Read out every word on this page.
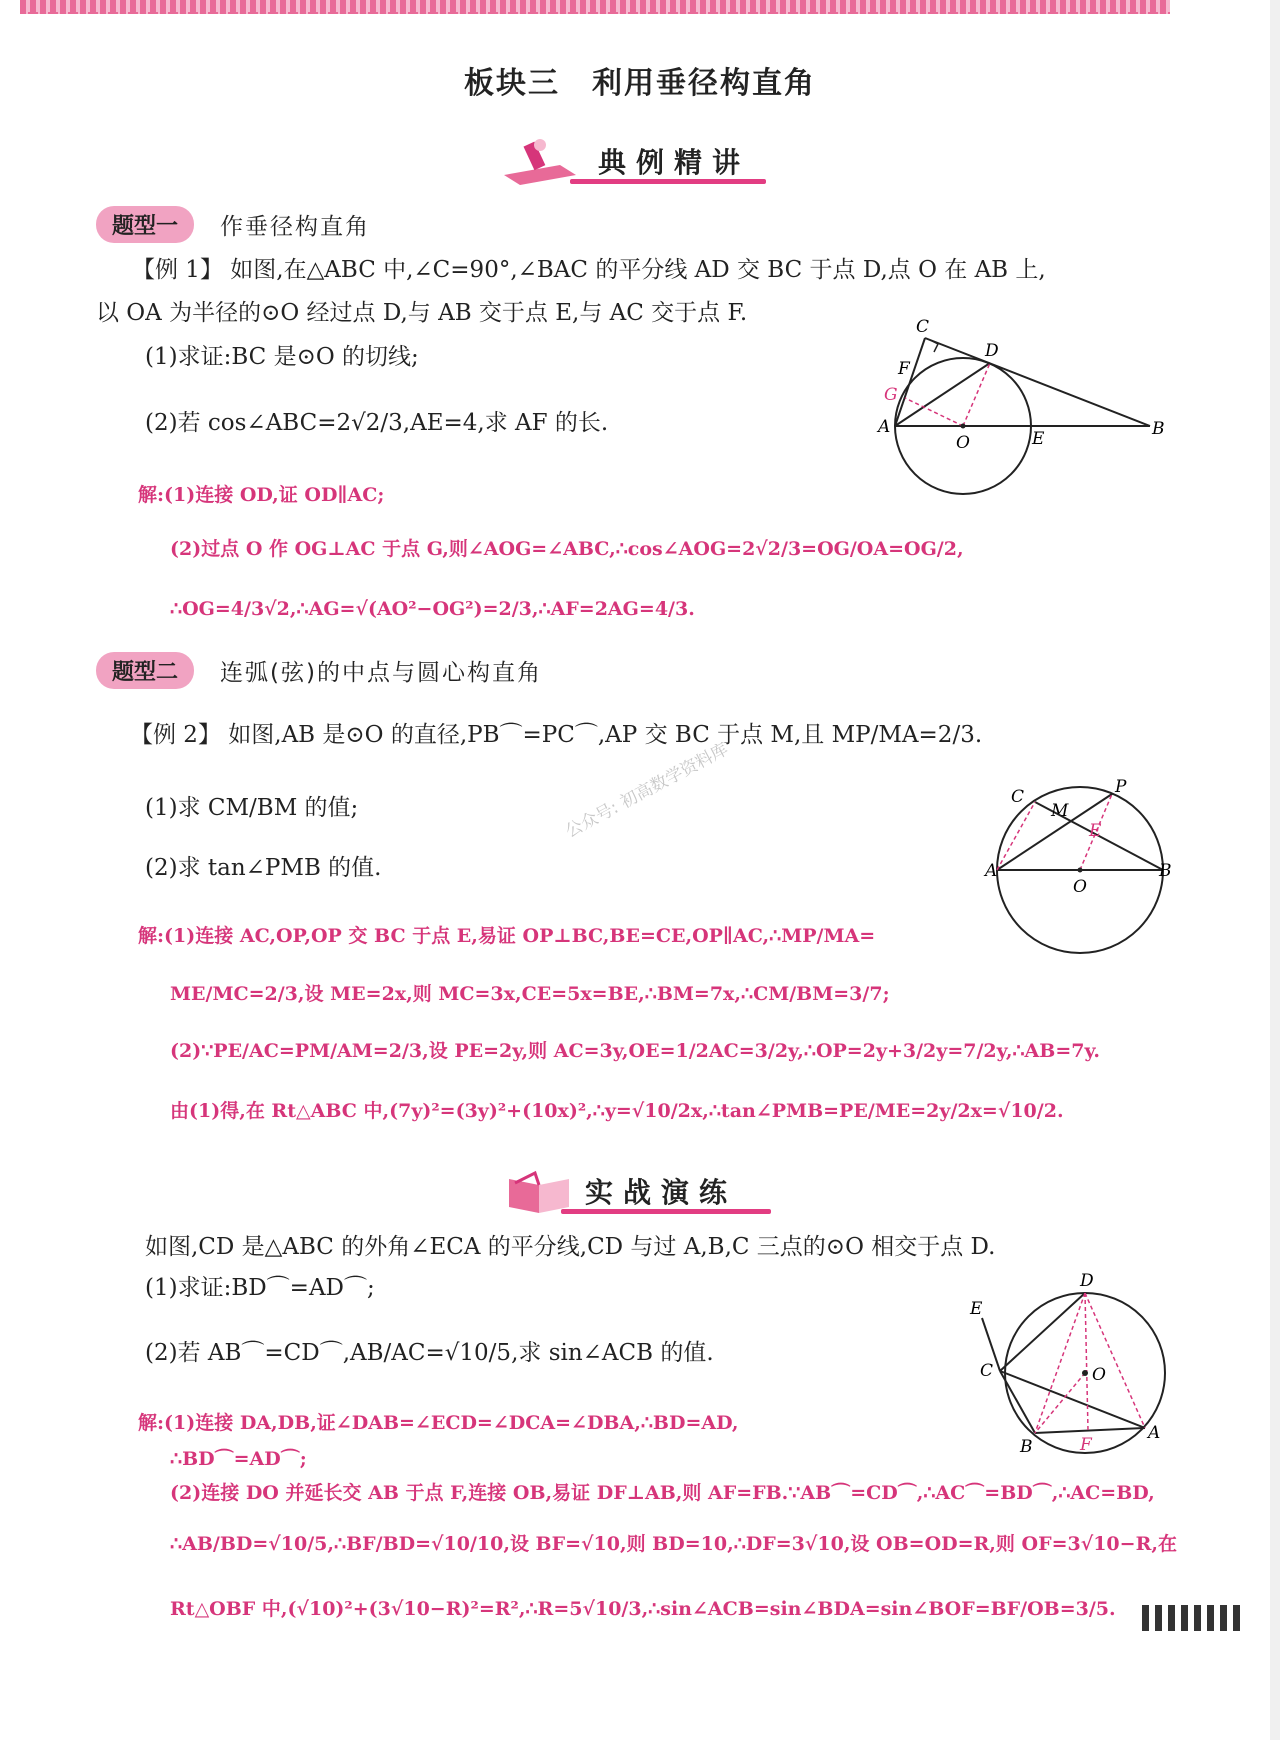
板块三　利用垂径构直角
典例精讲
题型一	作垂径构直角
【例 1】 如图,在△ABC 中,∠C=90°,∠BAC 的平分线 AD 交 BC 于点 D,点 O 在 AB 上,
以 OA 为半径的⊙O 经过点 D,与 AB 交于点 E,与 AC 交于点 F.
(1)求证:BC 是⊙O 的切线;
(2)若 cos∠ABC=2√2/3,AE=4,求 AF 的长.
解:(1)连接 OD,证 OD∥AC;
(2)过点 O 作 OG⊥AC 于点 G,则∠AOG=∠ABC,∴cos∠AOG=2√2/3=OG/OA=OG/2,
∴OG=4/3√2,∴AG=√(AO²−OG²)=2/3,∴AF=2AG=4/3.
C
D
F
G
A
O	E	B
题型二	连弧(弦)的中点与圆心构直角
【例 2】 如图,AB 是⊙O 的直径,PB⌒=PC⌒,AP 交 BC 于点 M,且 MP/MA=2/3.
(1)求 CM/BM 的值;
(2)求 tan∠PMB 的值.
解:(1)连接 AC,OP,OP 交 BC 于点 E,易证 OP⊥BC,BE=CE,OP∥AC,∴MP/MA=
ME/MC=2/3,设 ME=2x,则 MC=3x,CE=5x=BE,∴BM=7x,∴CM/BM=3/7;
(2)∵PE/AC=PM/AM=2/3,设 PE=2y,则 AC=3y,OE=1/2AC=3/2y,∴OP=2y+3/2y=7/2y,∴AB=7y.
由(1)得,在 Rt△ABC 中,(7y)²=(3y)²+(10x)²,∴y=√10/2x,∴tan∠PMB=PE/ME=2y/2x=√10/2.
C
M
P
E
A
O
B
公众号: 初高数学资料库
实战演练
如图,CD 是△ABC 的外角∠ECA 的平分线,CD 与过 A,B,C 三点的⊙O 相交于点 D.
(1)求证:BD⌒=AD⌒;
(2)若 AB⌒=CD⌒,AB/AC=√10/5,求 sin∠ACB 的值.
解:(1)连接 DA,DB,证∠DAB=∠ECD=∠DCA=∠DBA,∴BD=AD,
∴BD⌒=AD⌒;
(2)连接 DO 并延长交 AB 于点 F,连接 OB,易证 DF⊥AB,则 AF=FB.∵AB⌒=CD⌒,∴AC⌒=BD⌒,∴AC=BD,
∴AB/BD=√10/5,∴BF/BD=√10/10,设 BF=√10,则 BD=10,∴DF=3√10,设 OB=OD=R,则 OF=3√10−R,在
Rt△OBF 中,(√10)²+(3√10−R)²=R²,∴R=5√10/3,∴sin∠ACB=sin∠BDA=sin∠BOF=BF/OB=3/5.
D
E
C	O
B	F
A
